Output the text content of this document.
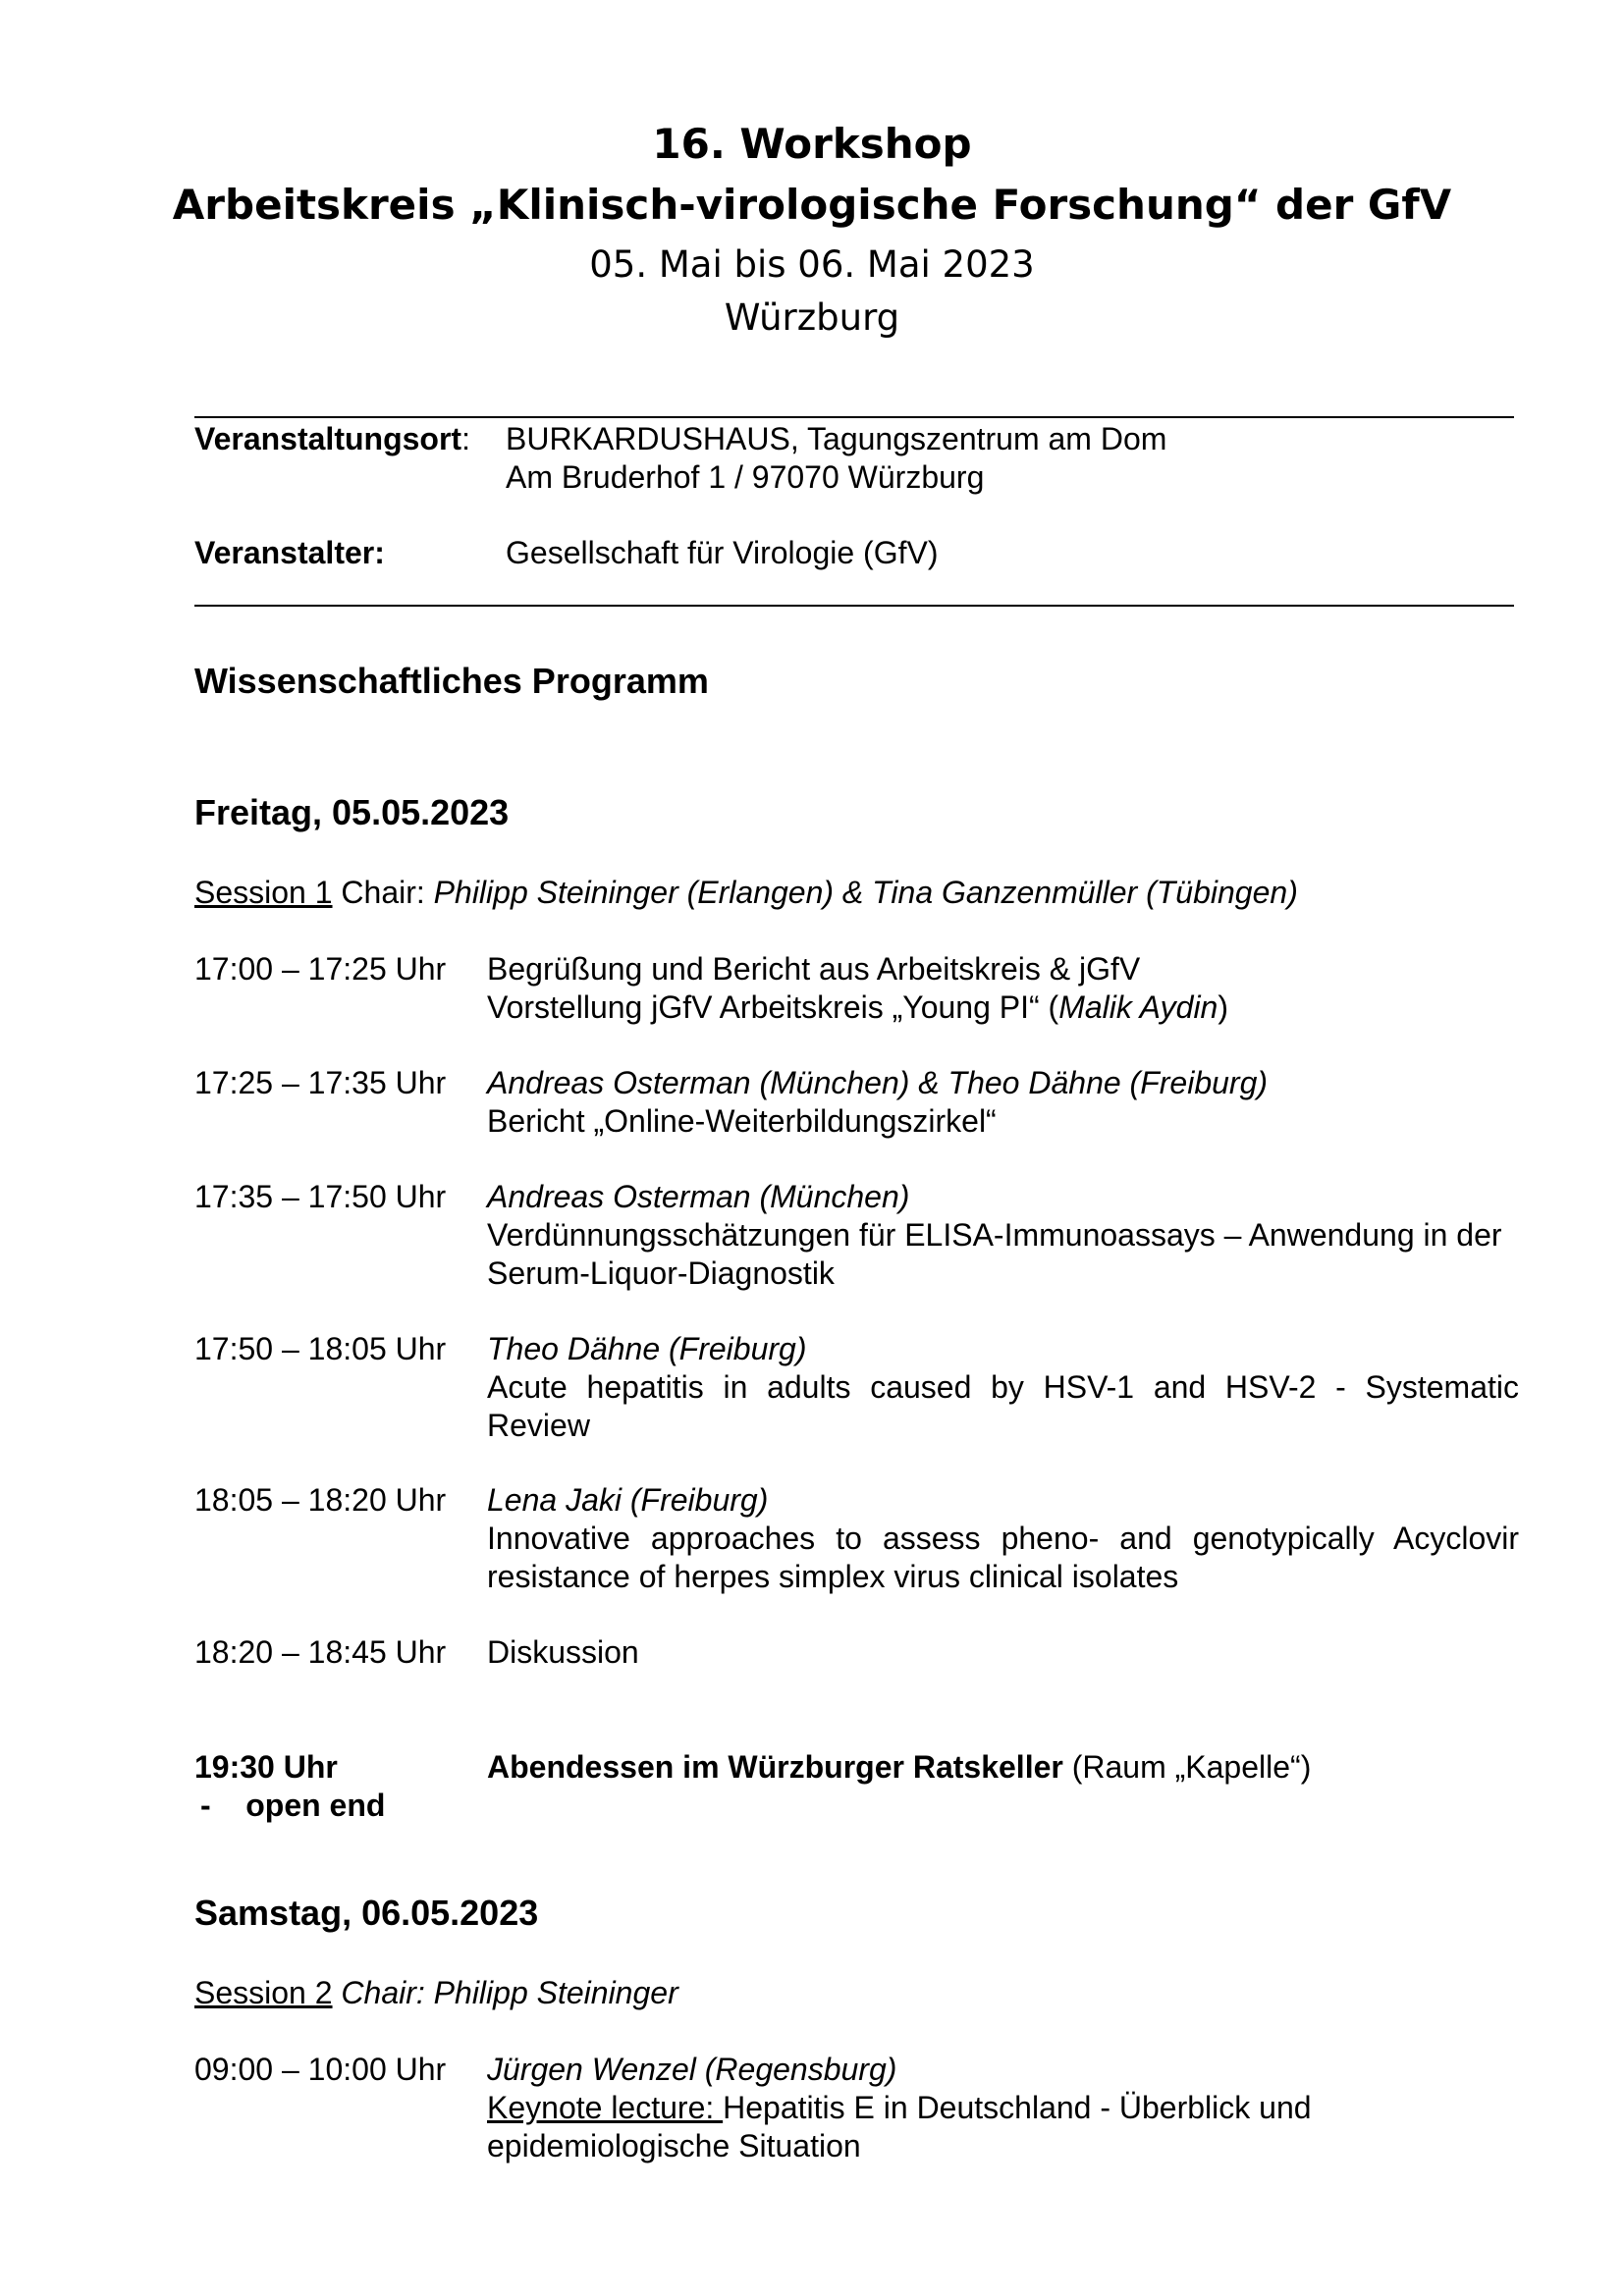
16. Workshop
Arbeitskreis „Klinisch-virologische Forschung“ der GfV
05. Mai bis 06. Mai 2023
Würzburg
Veranstaltungsort: BURKARDUSHAUS, Tagungszentrum am Dom
Am Bruderhof 1 / 97070 Würzburg
Veranstalter:	Gesellschaft für Virologie (GfV)
Wissenschaftliches Programm
Freitag, 05.05.2023
Session 1 Chair: Philipp Steininger (Erlangen) & Tina Ganzenmüller (Tübingen)
17:00 – 17:25 Uhr Begrüßung und Bericht aus Arbeitskreis & jGfV
Vorstellung jGfV Arbeitskreis „Young PI“ (Malik Aydin)
17:25 – 17:35 Uhr Andreas Osterman (München) & Theo Dähne (Freiburg)
Bericht „Online-Weiterbildungszirkel“
17:35 – 17:50 Uhr Andreas Osterman (München)
Verdünnungsschätzungen für ELISA-Immunoassays – Anwendung in der Serum-Liquor-Diagnostik
17:50 – 18:05 Uhr Theo Dähne (Freiburg)
Acute hepatitis in adults caused by HSV-1 and HSV-2 - Systematic Review
18:05 – 18:20 Uhr Lena Jaki (Freiburg)
Innovative approaches to assess pheno- and genotypically Acyclovir resistance of herpes simplex virus clinical isolates
18:20 – 18:45 Uhr Diskussion
19:30 Uhr
-    open end
Abendessen im Würzburger Ratskeller (Raum „Kapelle“)
Samstag, 06.05.2023
Session 2 Chair: Philipp Steininger
09:00 – 10:00 Uhr Jürgen Wenzel (Regensburg)
Keynote lecture: Hepatitis E in Deutschland - Überblick und
epidemiologische Situation
